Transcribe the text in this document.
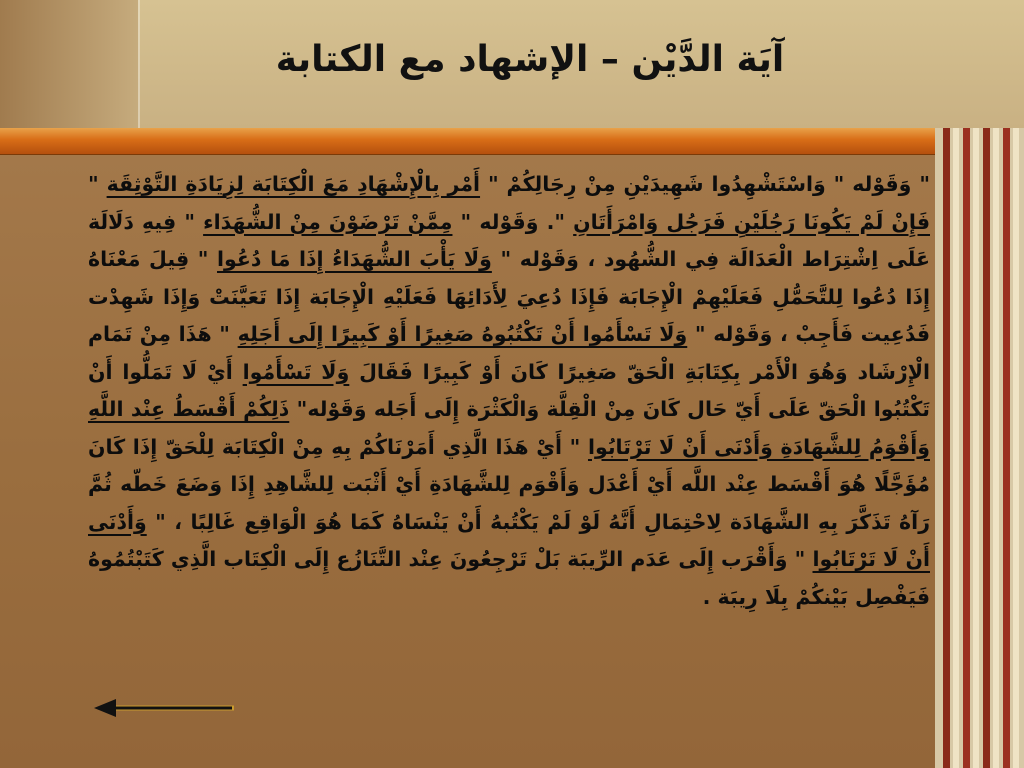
آيَة الدَّيْن – الإشهاد مع الكتابة
" وَقَوْله " وَاسْتَشْهِدُوا شَهِيدَيْنِ مِنْ رِجَالِكُمْ " أَمْر بِالْإِشْهَادِ مَعَ الْكِتَابَة لِزِيَادَةِ التَّوْثِقَة " فَإِنْ لَمْ يَكُونَا رَجُلَيْنِ فَرَجُل وَامْرَأَتَانِ ". وَقَوْله " مِمَّنْ تَرْضَوْنَ مِنْ الشُّهَدَاء " فِيهِ دَلَالَة عَلَى اِشْتِرَاط الْعَدَالَة فِي الشُّهُود ، وَقَوْله " وَلَا يَأْبَ الشُّهَدَاءُ إِذَا مَا دُعُوا " قِيلَ مَعْنَاهُ إِذَا دُعُوا لِلتَّحَمُّلِ فَعَلَيْهِمْ الْإِجَابَة فَإِذَا دُعِيَ لِأَدَائِهَا فَعَلَيْهِ الْإِجَابَة إِذَا تَعَيَّنَتْ وَإِذَا شَهِدْت فَدُعِيت فَأَجِبْ ، وَقَوْله " وَلَا تَسْأَمُوا أَنْ تَكْتُبُوهُ صَغِيرًا أَوْ كَبِيرًا إِلَى أَجَلِهِ " هَذَا مِنْ تَمَام الْإِرْشَاد وَهُوَ الْأَمْر بِكِتَابَةِ الْحَقّ صَغِيرًا كَانَ أَوْ كَبِيرًا فَقَالَ وَلَا تَسْأَمُوا أَيْ لَا تَمَلُّوا أَنْ تَكْتُبُوا الْحَقّ عَلَى أَيّ حَال كَانَ مِنْ الْقِلَّة وَالْكَثْرَة إِلَى أَجَله وَقَوْله" ذَلِكُمْ أَقْسَطُ عِنْد اللَّهِ وَأَقْوَمُ لِلشَّهَادَةِ وَأَدْنَى أَنْ لَا تَرْتَابُوا " أَيْ هَذَا الَّذِي أَمَرْنَاكُمْ بِهِ مِنْ الْكِتَابَة لِلْحَقّ إِذَا كَانَ مُؤَجَّلًا هُوَ أَقْسَط عِنْد اللَّه أَيْ أَعْدَل وَأَقْوَم لِلشَّهَادَةِ أَيْ أَثْبَت لِلشَّاهِدِ إِذَا وَضَعَ خَطّه ثُمَّ رَآهُ تَذَكَّرَ بِهِ الشَّهَادَة لِاحْتِمَالِ أَنَّهُ لَوْ لَمْ يَكْتُبهُ أَنْ يَنْسَاهُ كَمَا هُوَ الْوَاقِع غَالِبًا ، " وَأَدْنَى أَنْ لَا تَرْتَابُوا " وَأَقْرَب إِلَى عَدَم الرِّيبَة بَلْ تَرْجِعُونَ عِنْد التَّنَازُع إِلَى الْكِتَاب الَّذِي كَتَبْتُمُوهُ فَيَفْصِل بَيْنكُمْ بِلَا رِيبَة .
